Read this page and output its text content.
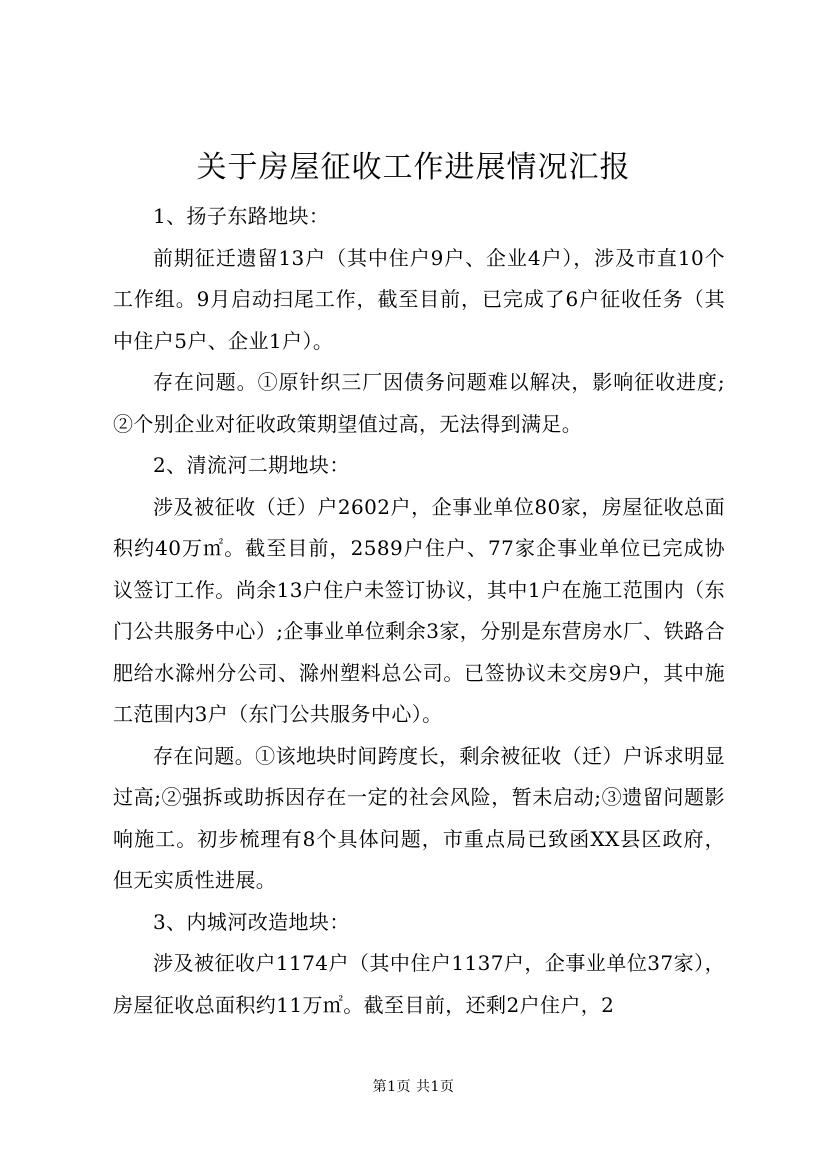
关于房屋征收工作进展情况汇报

1、扬子东路地块：

前期征迁遗留13户（其中住户9户、企业4户），涉及市直10个工作组。9月启动扫尾工作，截至目前，已完成了6户征收任务（其中住户5户、企业1户）。

存在问题。①原针织三厂因债务问题难以解决，影响征收进度;②个别企业对征收政策期望值过高，无法得到满足。

2、清流河二期地块：

涉及被征收（迁）户2602户，企事业单位80家，房屋征收总面积约40万㎡。截至目前，2589户住户、77家企事业单位已完成协议签订工作。尚余13户住户未签订协议，其中1户在施工范围内（东门公共服务中心）;企事业单位剩余3家，分别是东营房水厂、铁路合肥给水滁州分公司、滁州塑料总公司。已签协议未交房9户，其中施工范围内3户（东门公共服务中心）。

存在问题。①该地块时间跨度长，剩余被征收（迁）户诉求明显过高;②强拆或助拆因存在一定的社会风险，暂未启动;③遗留问题影响施工。初步梳理有8个具体问题，市重点局已致函XX县区政府，但无实质性进展。

3、内城河改造地块：

涉及被征收户1174户（其中住户1137户，企事业单位37家），房屋征收总面积约11万㎡。截至目前，还剩2户住户，2

第1页 共1页
